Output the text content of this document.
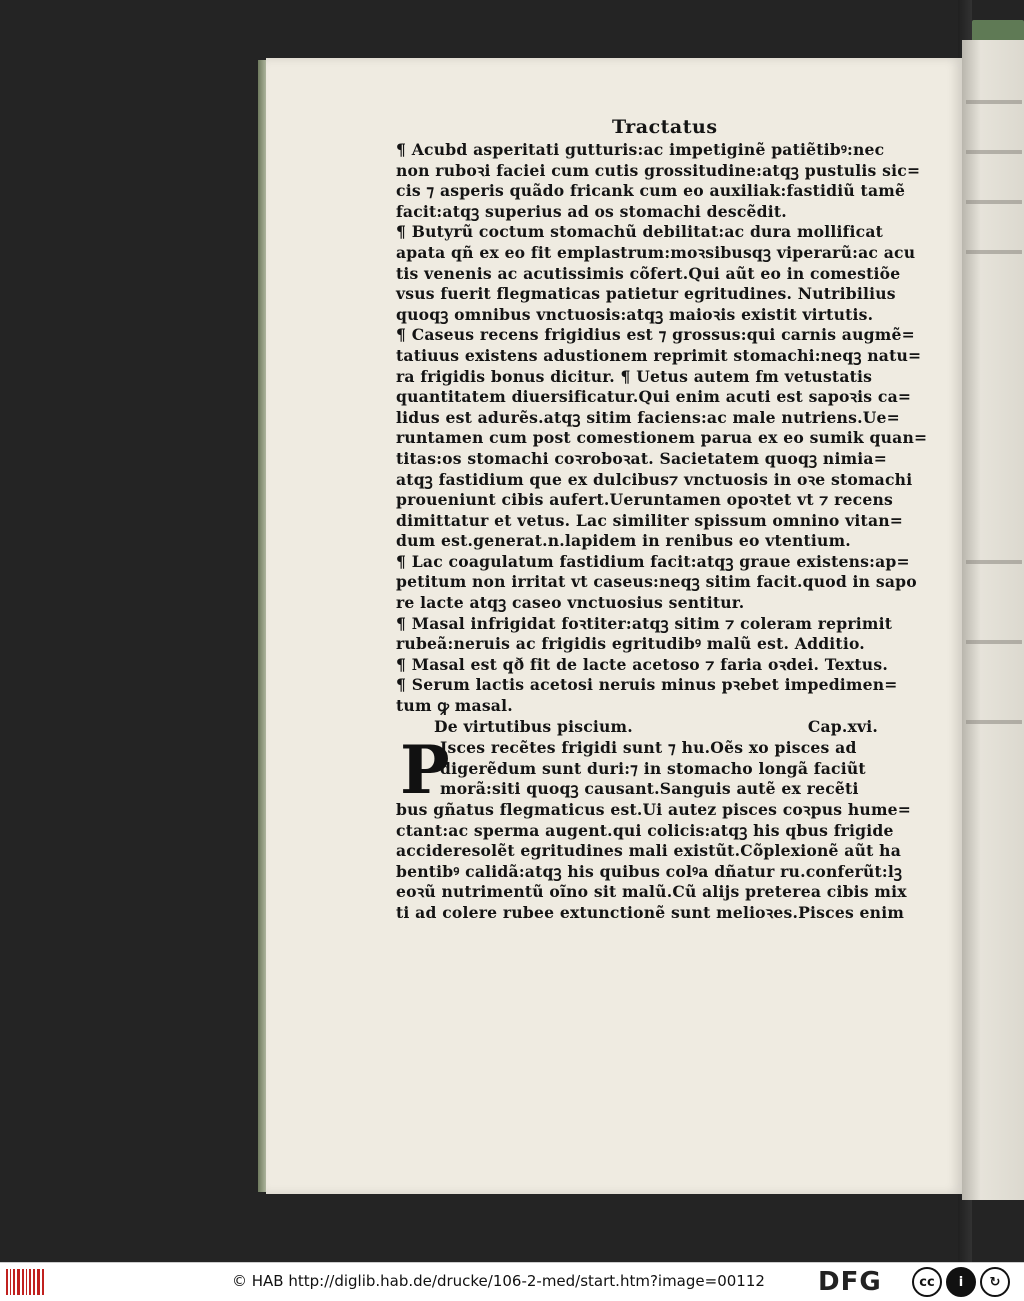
Tractatus
¶ Acubd asperitati gutturis:ac impetiginẽ patiẽtibꝰ:nec
non ruboꝛi faciei cum cutis grossitudine:atqꝫ pustulis sic=
cis ⁊ asperis quãdo fricank cum eo auxiliak:fastidiũ tamẽ
facit:atqꝫ superius ad os stomachi descẽdit.
¶ Butyrũ coctum stomachũ debilitat:ac dura mollificat
apata qñ ex eo fit emplastrum:moꝛsibusqꝫ viperarũ:ac acu
tis venenis ac acutissimis cõfert.Qui aũt eo in comestiõe
vsus fuerit flegmaticas patietur egritudines. Nutribilius
quoqꝫ omnibus vnctuosis:atqꝫ maioꝛis existit virtutis.
¶ Caseus recens frigidius est ⁊ grossus:qui carnis augmẽ=
tatiuus existens adustionem reprimit stomachi:neqꝫ natu=
ra frigidis bonus dicitur. ¶ Uetus autem fm vetustatis
quantitatem diuersificatur.Qui enim acuti est sapoꝛis ca=
lidus est adurẽs.atqꝫ sitim faciens:ac male nutriens.Ue=
runtamen cum post comestionem parua ex eo sumik quan=
titas:os stomachi coꝛroboꝛat. Sacietatem quoqꝫ nimia=
atqꝫ fastidium que ex dulcibus⁊ vnctuosis in oꝛe stomachi
proueniunt cibis aufert.Ueruntamen opoꝛtet vt ⁊ recens
dimittatur et vetus. Lac similiter spissum omnino vitan=
dum est.generat.n.lapidem in renibus eo vtentium.
¶ Lac coagulatum fastidium facit:atqꝫ graue existens:ap=
petitum non irritat vt caseus:neqꝫ sitim facit.quod in sapo
re lacte atqꝫ caseo vnctuosius sentitur.
¶ Masal infrigidat foꝛtiter:atqꝫ sitim ⁊ coleram reprimit
rubeã:neruis ac frigidis egritudibꝰ malũ est. Additio.
¶ Masal est qð fit de lacte acetoso ⁊ faria oꝛdei. Textus.
¶ Serum lactis acetosi neruis minus pꝛebet impedimen=
tum ꝙ masal.
De virtutibus piscium.	Cap.xvi.
P
Isces recẽtes frigidi sunt ⁊ hu.Oẽs xo pisces ad
digerẽdum sunt duri:⁊ in stomacho longã faciũt
morã:siti quoqꝫ causant.Sanguis autẽ ex recẽti
bus gñatus flegmaticus est.Ui autez pisces coꝛpus hume=
ctant:ac sperma augent.qui colicis:atqꝫ his qbus frigide
accideresolẽt egritudines mali existũt.Cõplexionẽ aũt ha
bentibꝰ calidã:atqꝫ his quibus colꝰa dñatur ru.conferũt:lꝫ
eoꝛũ nutrimentũ oĩno sit malũ.Cũ alijs preterea cibis mix
ti ad colere rubee extunctionẽ sunt melioꝛes.Pisces enim
© HAB http://diglib.hab.de/drucke/106-2-med/start.htm?image=00112 DFG	cc	i	↻
